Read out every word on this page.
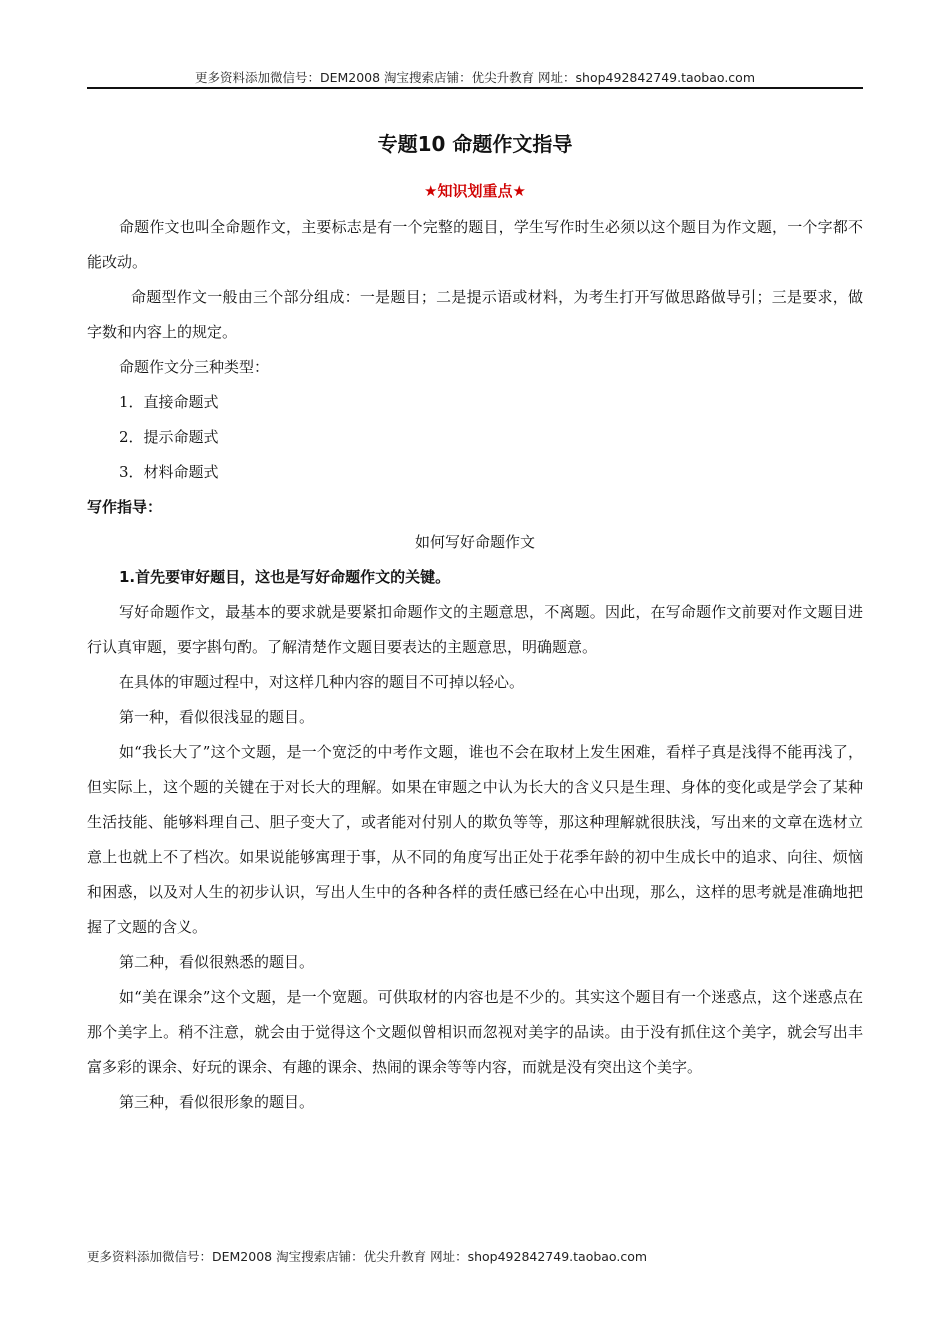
更多资料添加微信号：DEM2008 淘宝搜索店铺：优尖升教育 网址：shop492842749.taobao.com
专题10 命题作文指导
★知识划重点★

命题作文也叫全命题作文，主要标志是有一个完整的题目，学生写作时生必须以这个题目为作文题，一个字都不能改动。

命题型作文一般由三个部分组成：一是题目；二是提示语或材料，为考生打开写做思路做导引；三是要求，做字数和内容上的规定。

命题作文分三种类型：

1．直接命题式

2．提示命题式

3．材料命题式

写作指导：

如何写好命题作文

1.首先要审好题目，这也是写好命题作文的关键。

写好命题作文，最基本的要求就是要紧扣命题作文的主题意思，不离题。因此，在写命题作文前要对作文题目进行认真审题，要字斟句酌。了解清楚作文题目要表达的主题意思，明确题意。

在具体的审题过程中，对这样几种内容的题目不可掉以轻心。

第一种，看似很浅显的题目。

如“我长大了”这个文题，是一个宽泛的中考作文题，谁也不会在取材上发生困难，看样子真是浅得不能再浅了，但实际上，这个题的关键在于对长大的理解。如果在审题之中认为长大的含义只是生理、身体的变化或是学会了某种生活技能、能够料理自己、胆子变大了，或者能对付别人的欺负等等，那这种理解就很肤浅，写出来的文章在选材立意上也就上不了档次。如果说能够寓理于事，从不同的角度写出正处于花季年龄的初中生成长中的追求、向往、烦恼和困惑，以及对人生的初步认识，写出人生中的各种各样的责任感已经在心中出现，那么，这样的思考就是准确地把握了文题的含义。

第二种，看似很熟悉的题目。

如“美在课余”这个文题，是一个宽题。可供取材的内容也是不少的。其实这个题目有一个迷惑点，这个迷惑点在那个美字上。稍不注意，就会由于觉得这个文题似曾相识而忽视对美字的品读。由于没有抓住这个美字，就会写出丰富多彩的课余、好玩的课余、有趣的课余、热闹的课余等等内容，而就是没有突出这个美字。

第三种，看似很形象的题目。

更多资料添加微信号：DEM2008 淘宝搜索店铺：优尖升教育 网址：shop492842749.taobao.com
